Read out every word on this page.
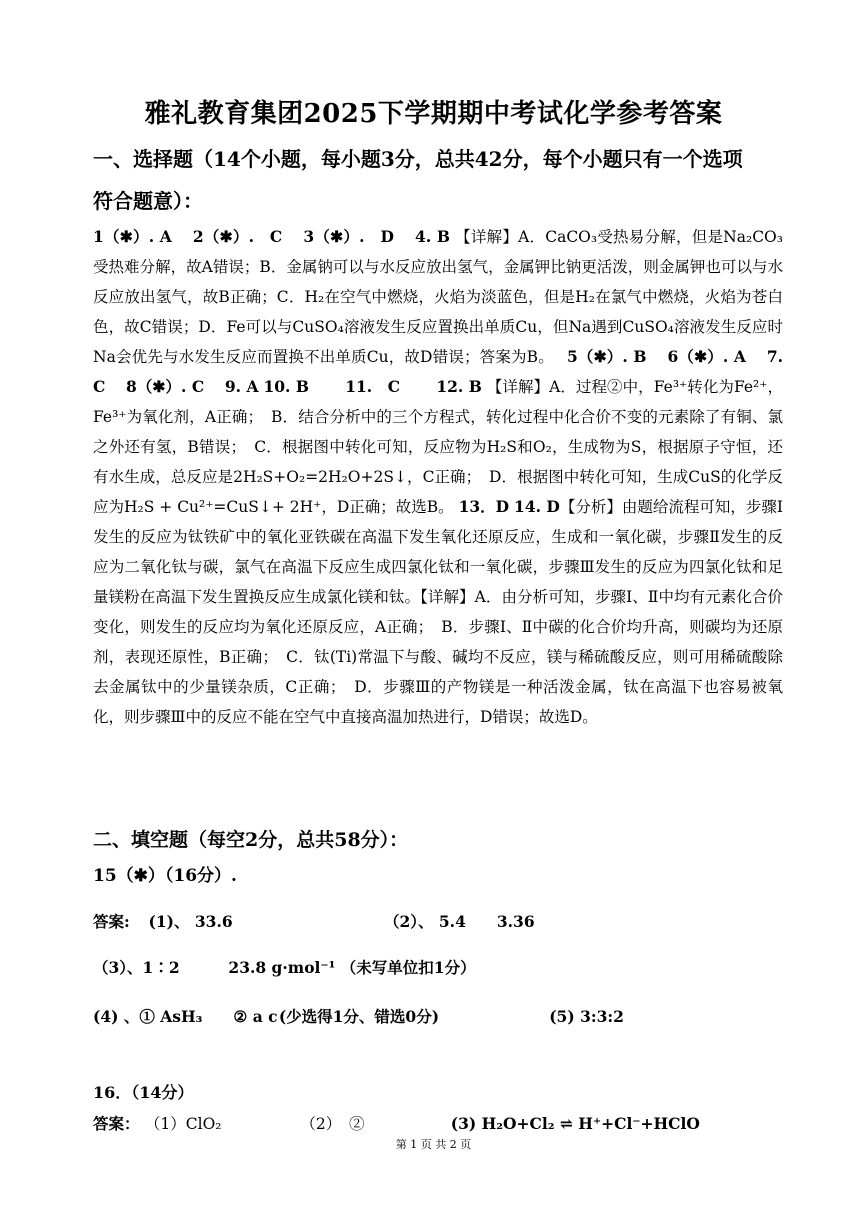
雅礼教育集团2025下学期期中考试化学参考答案
一、选择题（14个小题，每小题3分，总共42分，每个小题只有一个选项
符合题意）：

1（✱）. A　 2（✱）.　C　 3（✱）.　D　 4. B 【详解】A．CaCO₃受热易分解，但是Na₂CO₃受热难分解，故A错误；B．金属钠可以与水反应放出氢气，金属钾比钠更活泼，则金属钾也可以与水反应放出氢气，故B正确；C．H₂在空气中燃烧，火焰为淡蓝色，但是H₂在氯气中燃烧，火焰为苍白色，故C错误；D．Fe可以与CuSO₄溶液发生反应置换出单质Cu，但Na遇到CuSO₄溶液发生反应时Na会优先与水发生反应而置换不出单质Cu，故D错误；答案为B。　 5（✱）. B　 6（✱）. A　 7. C　 8（✱）. C　 9. A 10. B　　 11.　C　　 12. B 【详解】A．过程②中，Fe³⁺转化为Fe²⁺，Fe³⁺为氧化剂，A正确；　 B．结合分析中的三个方程式，转化过程中化合价不变的元素除了有铜、氯之外还有氢，B错误；　 C．根据图中转化可知，反应物为H₂S和O₂，生成物为S，根据原子守恒，还有水生成，总反应是2H₂S+O₂=2H₂O+2S↓，C正确；　 D．根据图中转化可知，生成CuS的化学反应为H₂S + Cu²⁺=CuS↓+ 2H⁺，D正确；故选B。 13．D 14. D【分析】由题给流程可知，步骤Ⅰ发生的反应为钛铁矿中的氧化亚铁碳在高温下发生氧化还原反应，生成和一氧化碳，步骤Ⅱ发生的反应为二氧化钛与碳，氯气在高温下反应生成四氯化钛和一氧化碳，步骤Ⅲ发生的反应为四氯化钛和足量镁粉在高温下发生置换反应生成氯化镁和钛。【详解】A．由分析可知，步骤Ⅰ、Ⅱ中均有元素化合价变化，则发生的反应均为氧化还原反应，A正确；　 B．步骤Ⅰ、Ⅱ中碳的化合价均升高，则碳均为还原剂，表现还原性，B正确；　 C．钛(Ti)常温下与酸、碱均不反应，镁与稀硫酸反应，则可用稀硫酸除去金属钛中的少量镁杂质，C正确；　 D．步骤Ⅲ的产物镁是一种活泼金属，钛在高温下也容易被氧化，则步骤Ⅲ中的反应不能在空气中直接高温加热进行，D错误；故选D。

二、填空题（每空2分，总共58分）：
15（✱）（16分）.
答案: (1)、 33.6	（2）、 5.4　　3.36
（3）、1∶2	23.8 g·mol⁻¹ （未写单位扣1分）
(4) 、① AsH₃ ② a c (少选得1分、错选0分)	(5) 3:3:2
16．（14分）
答案： （1）ClO₂	（2）　②	(3) H₂O+Cl₂ ⇌ H⁺+Cl⁻+HClO
第 1 页 共 2 页
